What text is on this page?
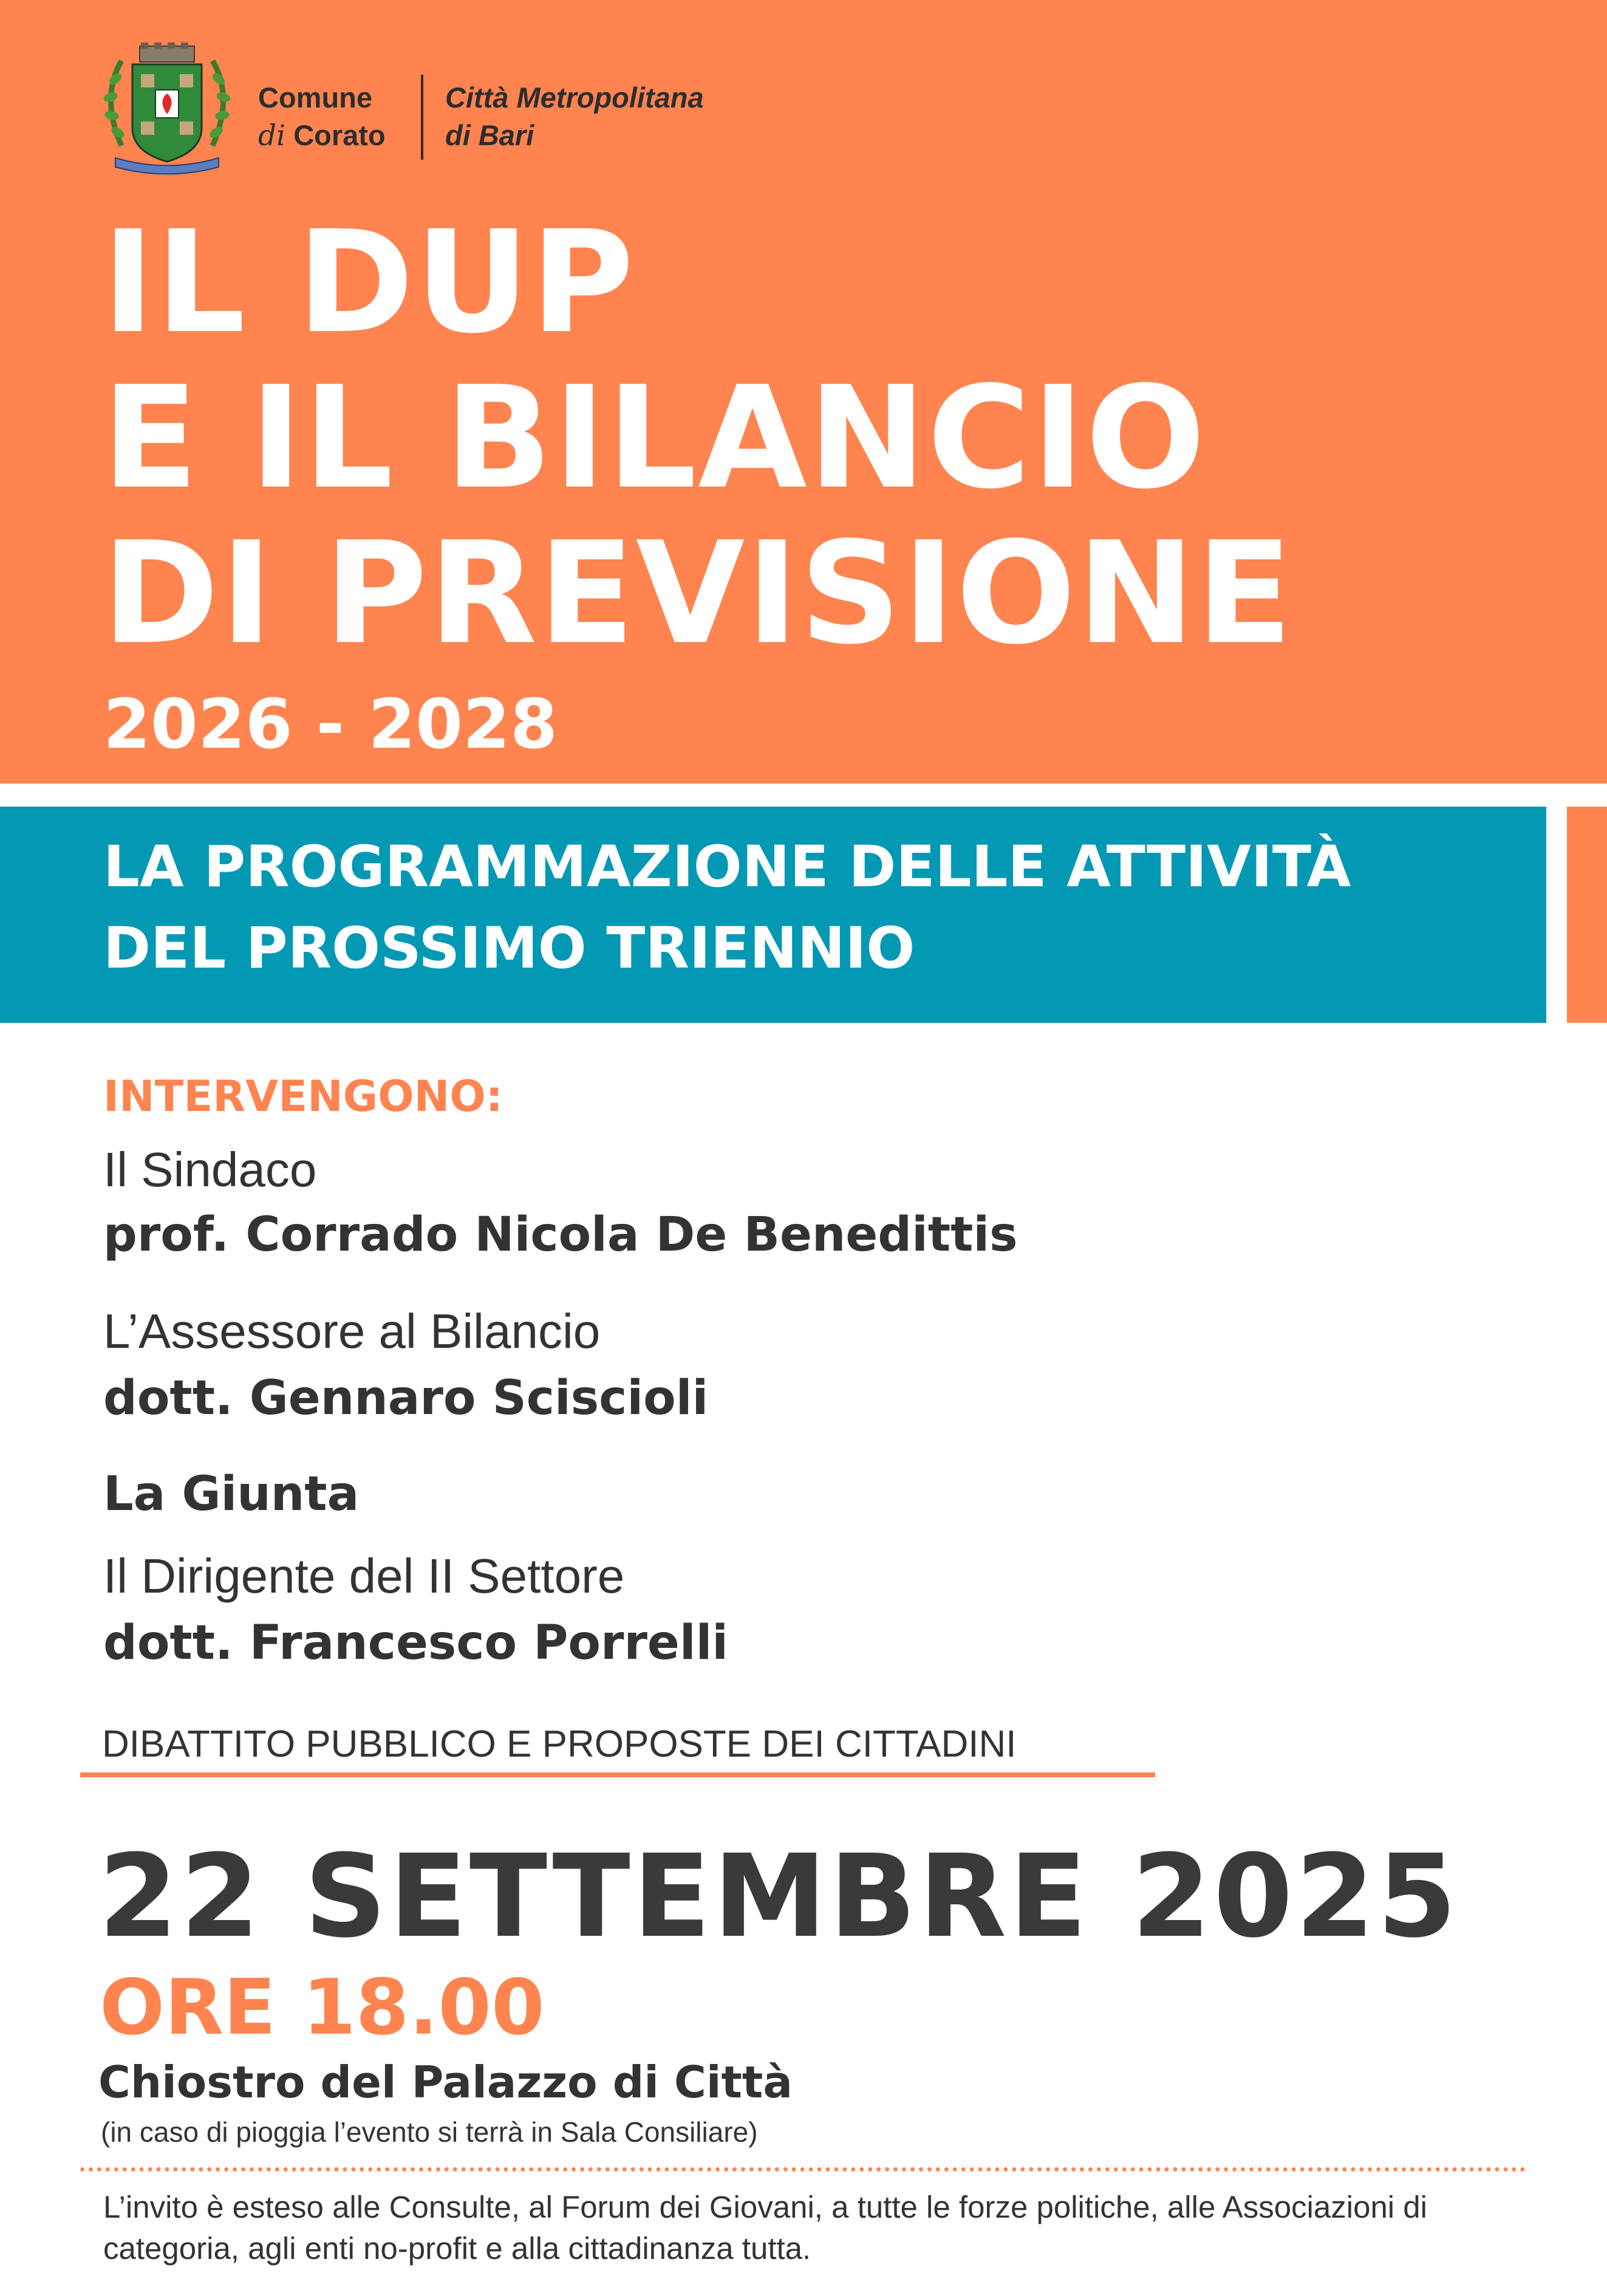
Comune
di Corato
Città Metropolitana
di Bari
IL DUP
E IL BILANCIO
DI PREVISIONE
2026 - 2028
LA PROGRAMMAZIONE DELLE ATTIVITÀ
DEL PROSSIMO TRIENNIO
INTERVENGONO:
Il Sindaco
prof. Corrado Nicola De Benedittis
L’Assessore al Bilancio
dott. Gennaro Sciscioli
La Giunta
Il Dirigente del II Settore
dott. Francesco Porrelli
DIBATTITO PUBBLICO E PROPOSTE DEI CITTADINI
22 SETTEMBRE 2025
ORE 18.00
Chiostro del Palazzo di Città
(in caso di pioggia l’evento si terrà in Sala Consiliare)
L’invito è esteso alle Consulte, al Forum dei Giovani, a tutte le forze politiche, alle Associazioni di categoria, agli enti no-profit e alla cittadinanza tutta.
